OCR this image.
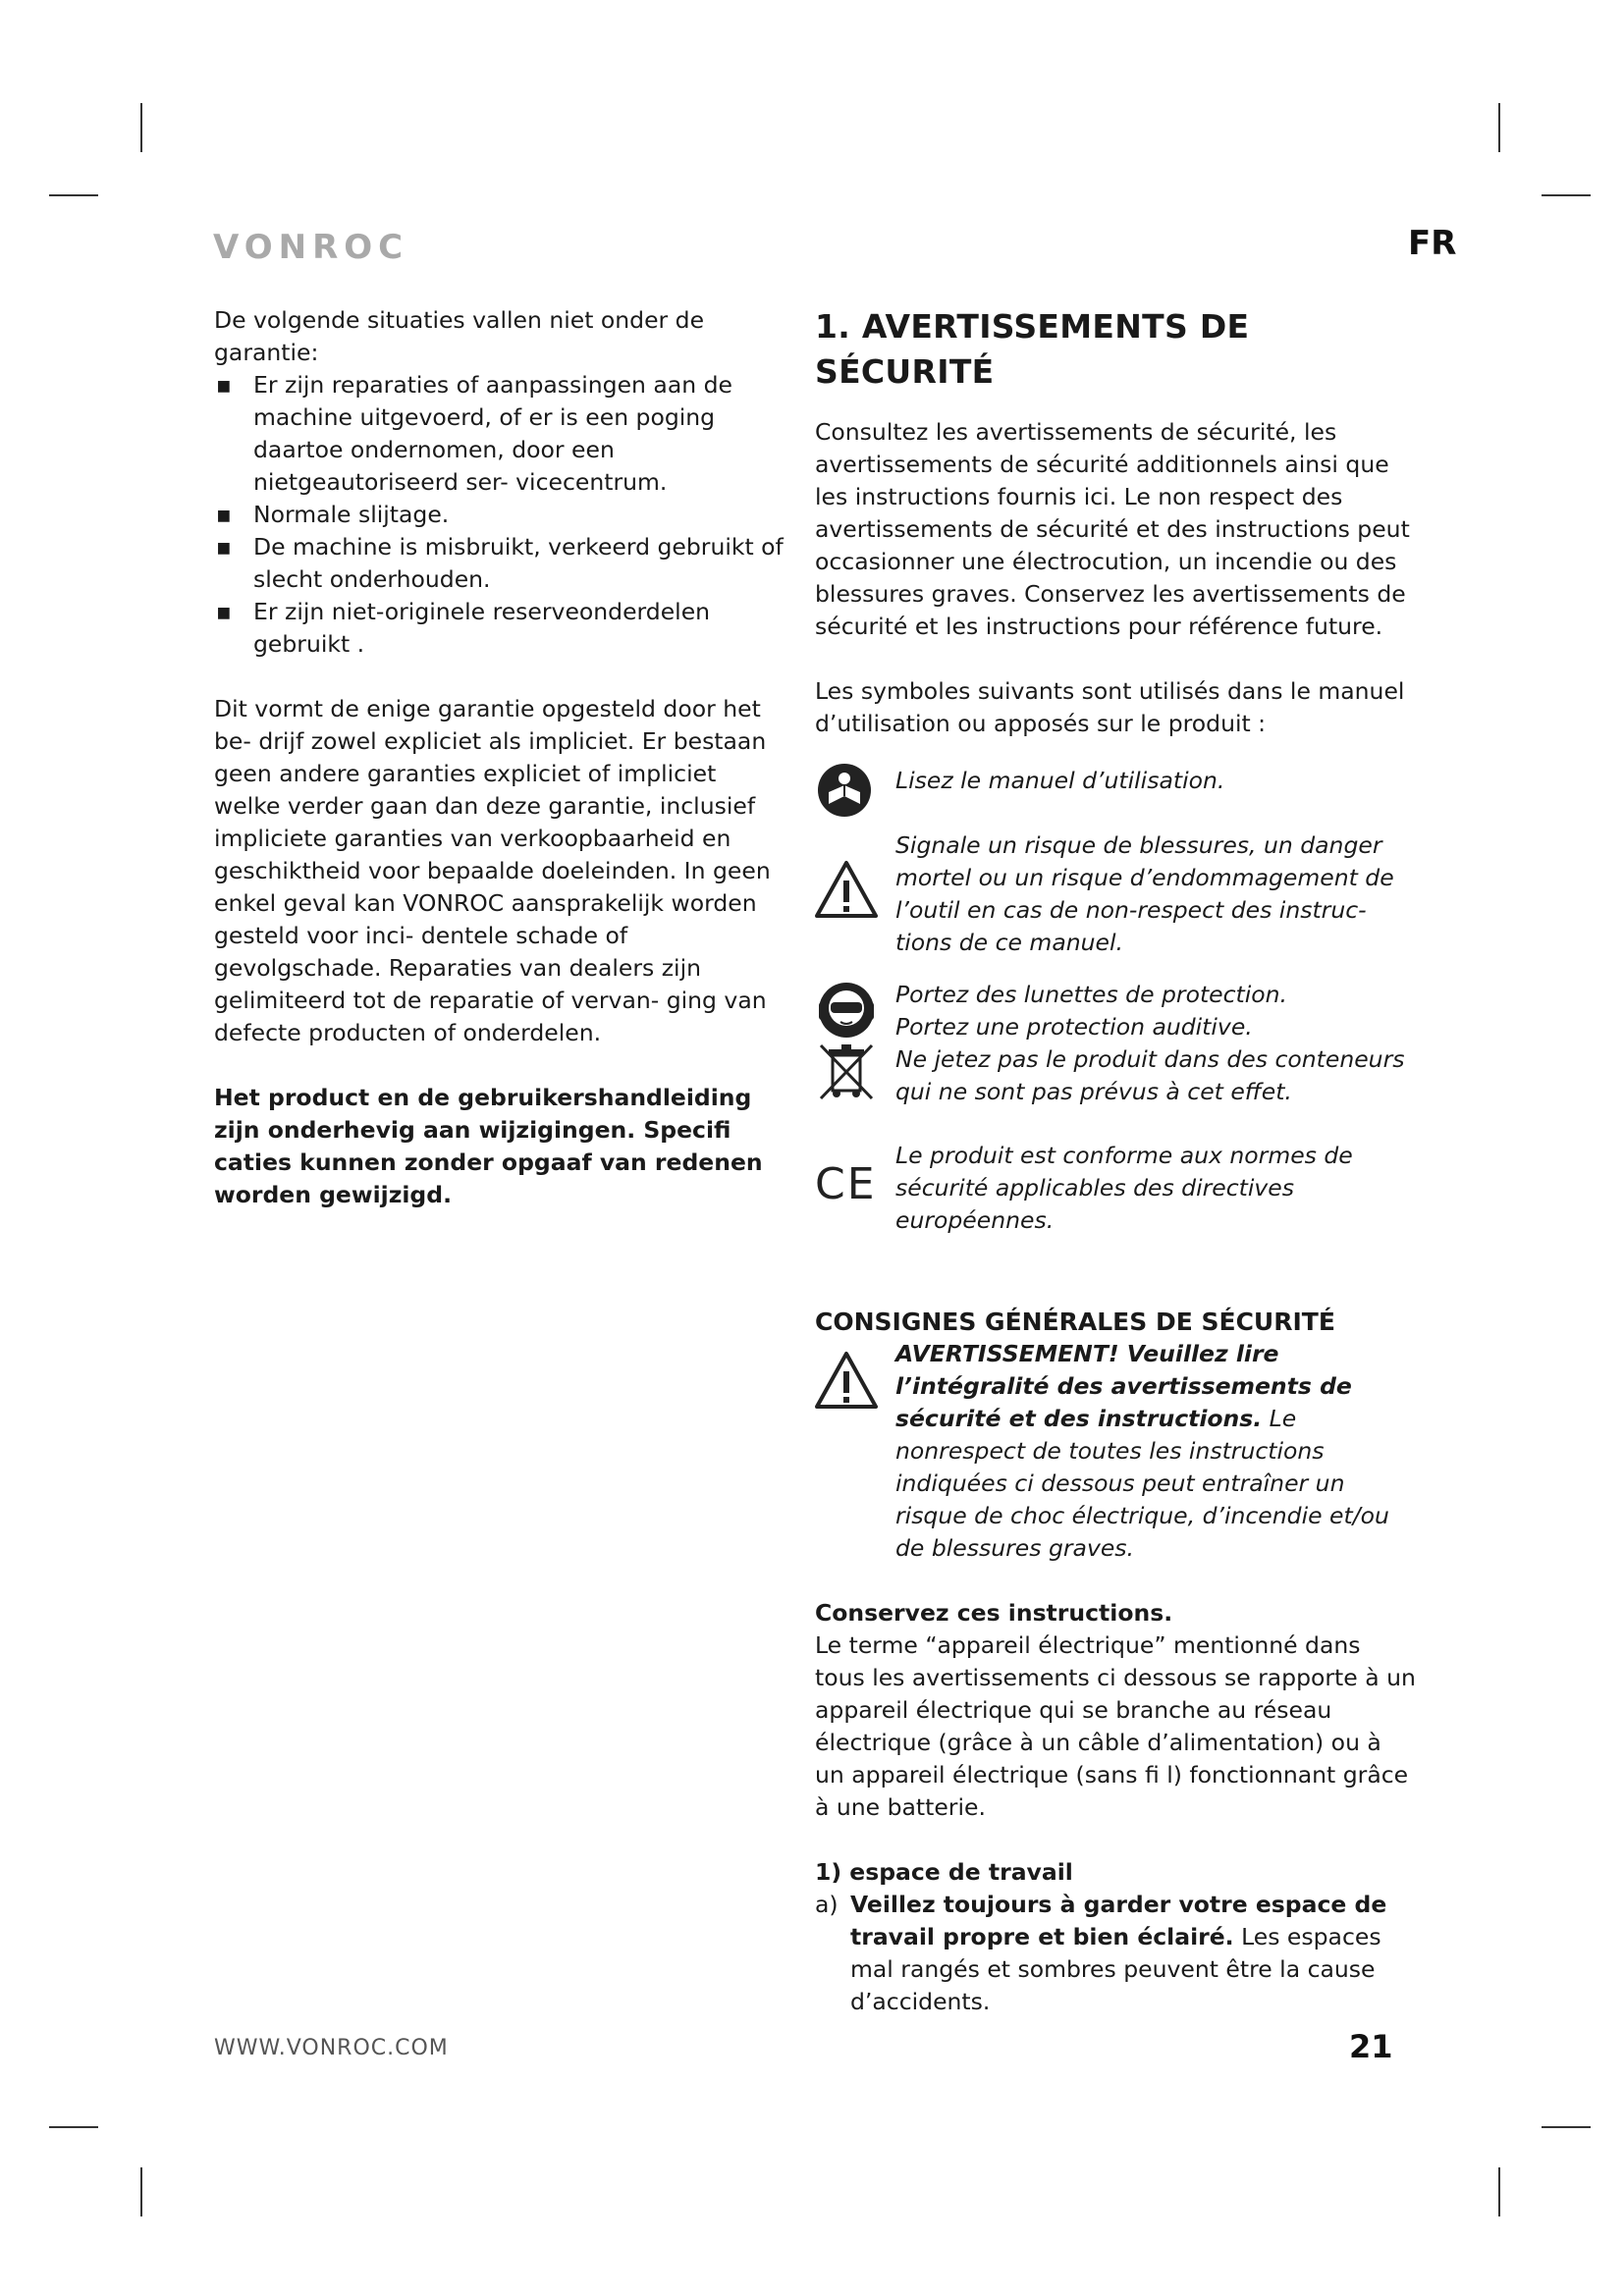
VONROC	FR

De volgende situaties vallen niet onder de garantie:

▪ Er zijn reparaties of aanpassingen aan de machine uitgevoerd, of er is een poging daartoe ondernomen, door een nietgeautoriseerd ser- vicecentrum.
▪ Normale slijtage.
▪ De machine is misbruikt, verkeerd gebruikt of slecht onderhouden.
▪ Er zijn niet-originele reserveonderdelen gebruikt .

Dit vormt de enige garantie opgesteld door het be- drijf zowel expliciet als impliciet. Er bestaan geen andere garanties expliciet of impliciet welke verder gaan dan deze garantie, inclusief impliciete garanties van verkoopbaarheid en geschiktheid voor bepaalde doeleinden. In geen enkel geval kan VONROC aansprakelijk worden gesteld voor inci- dentele schade of gevolgschade. Reparaties van dealers zijn gelimiteerd tot de reparatie of vervan- ging van defecte producten of onderdelen.

Het product en de gebruikershandleiding zijn onderhevig aan wijzigingen. Specifi caties kunnen zonder opgaaf van redenen worden gewijzigd.

1. AVERTISSEMENTS DE SÉCURITÉ

Consultez les avertissements de sécurité, les avertissements de sécurité additionnels ainsi que les instructions fournis ici. Le non respect des avertissements de sécurité et des instructions peut occasionner une électrocution, un incendie ou des blessures graves. Conservez les avertissements de sécurité et les instructions pour référence future.

Les symboles suivants sont utilisés dans le manuel d’utilisation ou apposés sur le produit :

Lisez le manuel d’utilisation.
Signale un risque de blessures, un danger mortel ou un risque d’endommagement de l’outil en cas de non-respect des instruc- tions de ce manuel.
Portez des lunettes de protection.
Portez une protection auditive.
Ne jetez pas le produit dans des conteneurs qui ne sont pas prévus à cet effet.
CE
Le produit est conforme aux normes de sécurité applicables des directives européennes.
CONSIGNES GÉNÉRALES DE SÉCURITÉ
AVERTISSEMENT! Veuillez lire l’intégralité des avertissements de sécurité et des instructions. Le nonrespect de toutes les instructions indiquées ci dessous peut entraîner un risque de choc électrique, d’incendie et/ou de blessures graves.

Conservez ces instructions.

Le terme “appareil électrique” mentionné dans tous les avertissements ci dessous se rapporte à un appareil électrique qui se branche au réseau électrique (grâce à un câble d’alimentation) ou à un appareil électrique (sans fi l) fonctionnant grâce à une batterie.

1) espace de travail

a) Veillez toujours à garder votre espace de travail propre et bien éclairé. Les espaces mal rangés et sombres peuvent être la cause d’accidents.
WWW.VONROC.COM	21
